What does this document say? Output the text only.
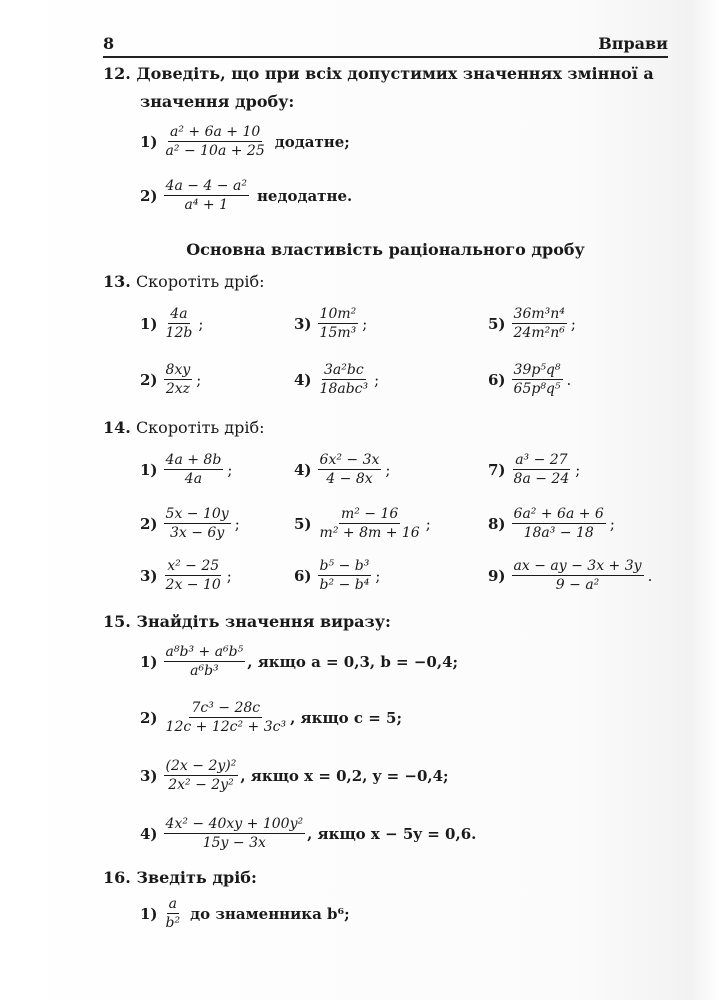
8	Вправи
12. Доведіть, що при всіх допустимих значеннях змінної a
значення дробу:
$1) \frac{\text{a² + 6a + 10}}{\text{a² − 10a + 25}}$ додатне;
$2) \frac{\text{4a − 4 − a²}}{\text{a⁴ + 1}}$ недодатне.
Основна властивість раціонального дробу
13. Скоротіть дріб:
$1) \frac{4a}{12b}$ ;	$3) \frac{\text{10m²}}{\text{15m³}}$ ;	$5) \frac{\text{36m³n⁴}}{\text{24m²n⁶}}$ ;
$2) \frac{8xy}{2xz}$ ;	$4) \frac{\text{3a²bc}}{\text{18abc³}}$ ;	$6) \frac{\text{39p⁵q⁸}}{\text{65p⁸q⁵}}$ .
14. Скоротіть дріб:
$1) \frac{4a + 8b}{4a}$ ;	$4) \frac{\text{6x² − 3x}}{4 - 8x}$ ;	$7) \frac{\text{a³ − 27}}{8a - 24}$ ;
$2) \frac{5x - 10y}{3x - 6y}$ ;	$5) \frac{\text{m² − 16}}{\text{m² + 8m + 16}}$ ;	$8) \frac{\text{6a² + 6a + 6}}{\text{18a³ − 18}}$ ;
$3) \frac{\text{x² − 25}}{2x - 10}$ ;	$6) \frac{\text{b⁵ − b³}}{\text{b² − b⁴}}$ ;	$9) \frac{ax - ay - 3x + 3y}{\text{9 − a²}}$ .
15. Знайдіть значення виразу:
$1) \frac{\text{a⁸b³ + a⁶b⁵}}{\text{a⁶b³}}$ , якщо a = 0,3, b = −0,4;
$2) \frac{\text{7c³ − 28c}}{\text{12c + 12c² + 3c³}}$ , якщо c = 5;
$3) \frac{\text{(2x − 2y)²}}{\text{2x² − 2y²}}$ , якщо x = 0,2, y = −0,4;
$4) \frac{\text{4x² − 40xy + 100y²}}{15y - 3x}$ , якщо x − 5y = 0,6.
16. Зведіть дріб:
$1) \frac{a}{\text{b²}}$ до знаменника b⁶;
